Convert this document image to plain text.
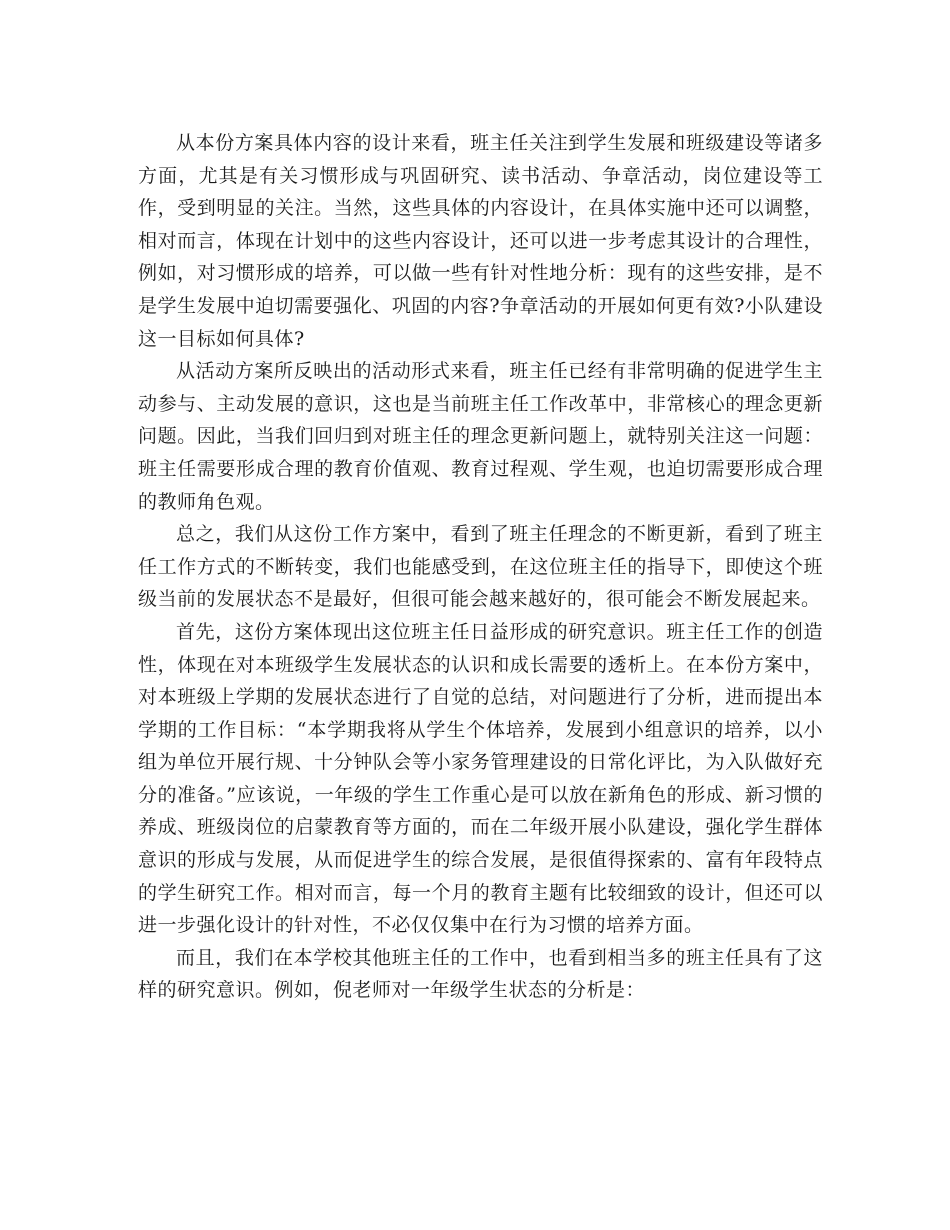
从本份方案具体内容的设计来看，班主任关注到学生发展和班级建设等诸多方面，尤其是有关习惯形成与巩固研究、读书活动、争章活动，岗位建设等工作，受到明显的关注。当然，这些具体的内容设计，在具体实施中还可以调整，相对而言，体现在计划中的这些内容设计，还可以进一步考虑其设计的合理性，例如，对习惯形成的培养，可以做一些有针对性地分析：现有的这些安排，是不是学生发展中迫切需要强化、巩固的内容?争章活动的开展如何更有效?小队建设这一目标如何具体?

从活动方案所反映出的活动形式来看，班主任已经有非常明确的促进学生主动参与、主动发展的意识，这也是当前班主任工作改革中，非常核心的理念更新问题。因此，当我们回归到对班主任的理念更新问题上，就特别关注这一问题：班主任需要形成合理的教育价值观、教育过程观、学生观，也迫切需要形成合理的教师角色观。

总之，我们从这份工作方案中，看到了班主任理念的不断更新，看到了班主任工作方式的不断转变，我们也能感受到，在这位班主任的指导下，即使这个班级当前的发展状态不是最好，但很可能会越来越好的，很可能会不断发展起来。

首先，这份方案体现出这位班主任日益形成的研究意识。班主任工作的创造性，体现在对本班级学生发展状态的认识和成长需要的透析上。在本份方案中，对本班级上学期的发展状态进行了自觉的总结，对问题进行了分析，进而提出本学期的工作目标：“本学期我将从学生个体培养，发展到小组意识的培养，以小组为单位开展行规、十分钟队会等小家务管理建设的日常化评比，为入队做好充分的准备。”应该说，一年级的学生工作重心是可以放在新角色的形成、新习惯的养成、班级岗位的启蒙教育等方面的，而在二年级开展小队建设，强化学生群体意识的形成与发展，从而促进学生的综合发展，是很值得探索的、富有年段特点的学生研究工作。相对而言，每一个月的教育主题有比较细致的设计，但还可以进一步强化设计的针对性，不必仅仅集中在行为习惯的培养方面。

而且，我们在本学校其他班主任的工作中，也看到相当多的班主任具有了这样的研究意识。例如，倪老师对一年级学生状态的分析是：
